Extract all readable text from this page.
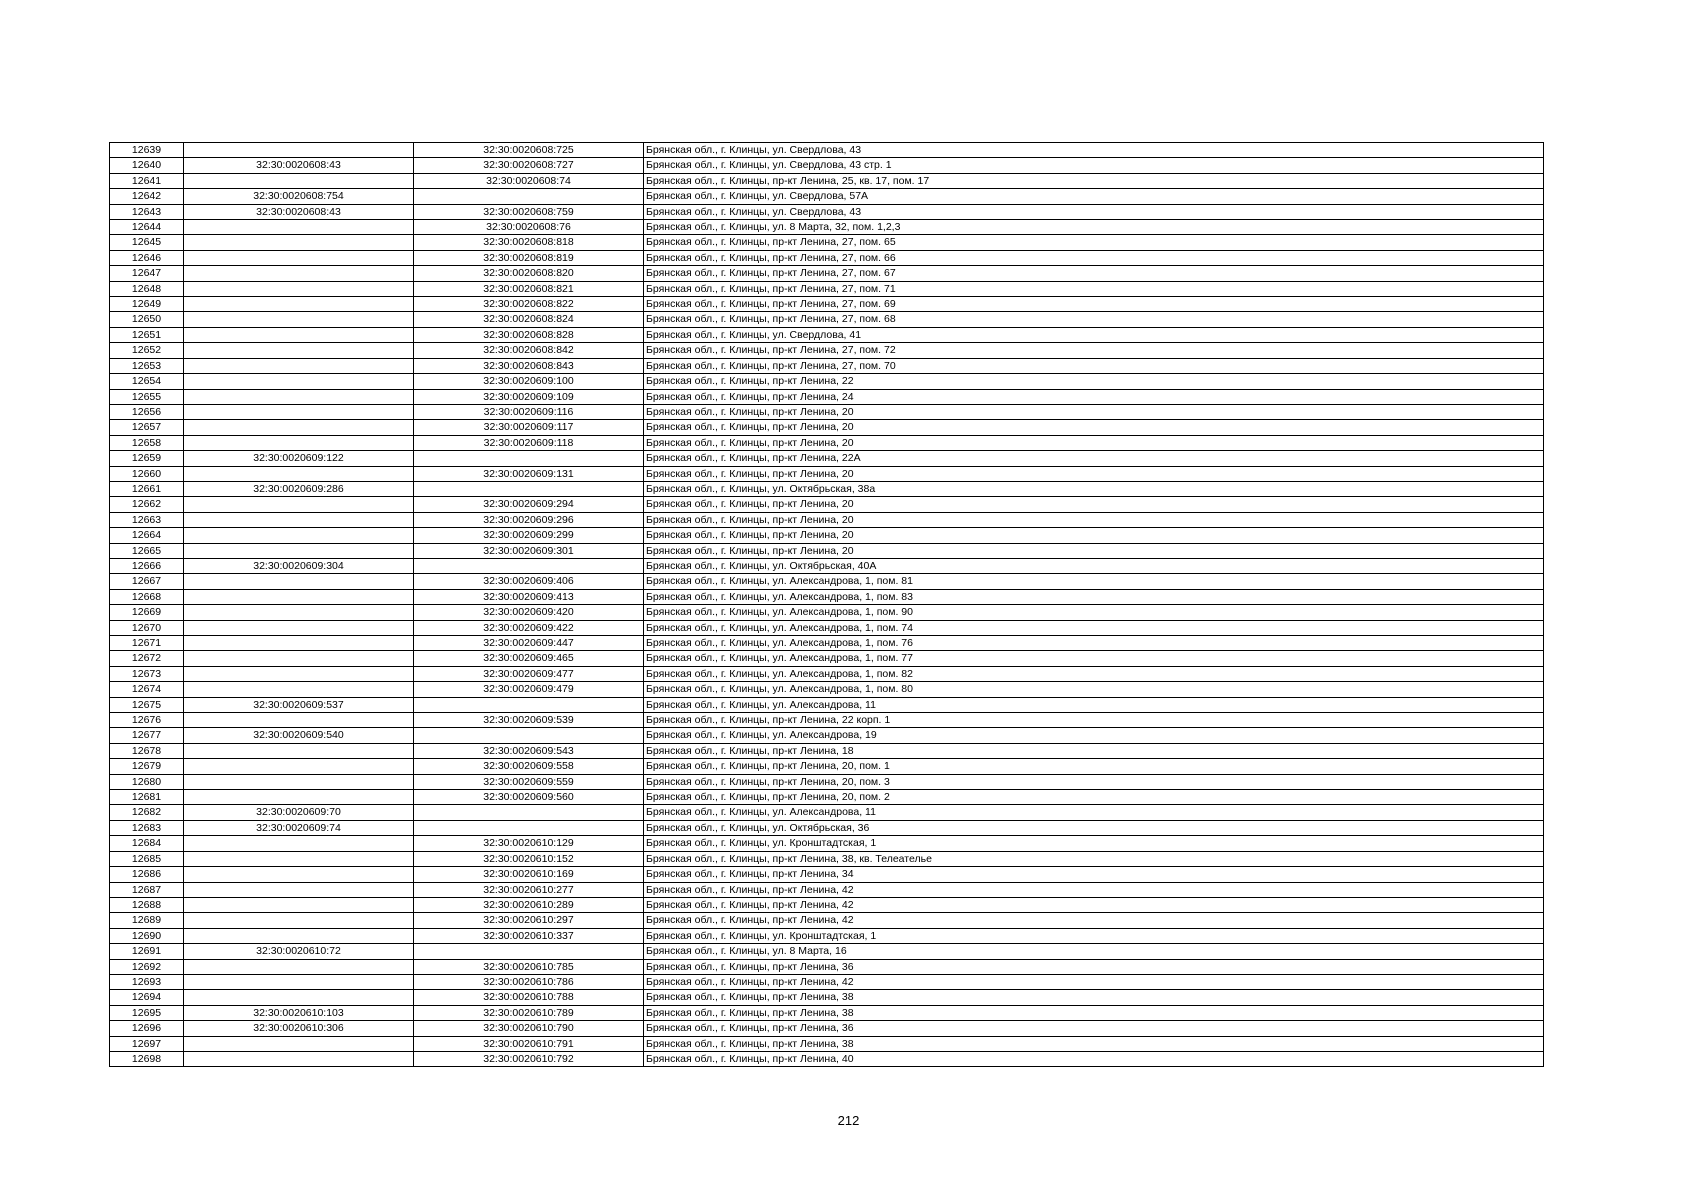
12639		32:30:0020608:725	Брянская обл., г. Клинцы, ул. Свердлова, 43
12640	32:30:0020608:43	32:30:0020608:727	Брянская обл., г. Клинцы, ул. Свердлова, 43 стр. 1
12641		32:30:0020608:74	Брянская обл., г. Клинцы, пр-кт Ленина, 25, кв. 17, пом. 17
12642	32:30:0020608:754		Брянская обл., г. Клинцы, ул. Свердлова, 57А
12643	32:30:0020608:43	32:30:0020608:759	Брянская обл., г. Клинцы, ул. Свердлова, 43
12644		32:30:0020608:76	Брянская обл., г. Клинцы, ул. 8 Марта, 32, пом. 1,2,3
12645		32:30:0020608:818	Брянская обл., г. Клинцы, пр-кт Ленина, 27, пом. 65
12646		32:30:0020608:819	Брянская обл., г. Клинцы, пр-кт Ленина, 27, пом. 66
12647		32:30:0020608:820	Брянская обл., г. Клинцы, пр-кт Ленина, 27, пом. 67
12648		32:30:0020608:821	Брянская обл., г. Клинцы, пр-кт Ленина, 27, пом. 71
12649		32:30:0020608:822	Брянская обл., г. Клинцы, пр-кт Ленина, 27, пом. 69
12650		32:30:0020608:824	Брянская обл., г. Клинцы, пр-кт Ленина, 27, пом. 68
12651		32:30:0020608:828	Брянская обл., г. Клинцы, ул. Свердлова, 41
12652		32:30:0020608:842	Брянская обл., г. Клинцы, пр-кт Ленина, 27, пом. 72
12653		32:30:0020608:843	Брянская обл., г. Клинцы, пр-кт Ленина, 27, пом. 70
12654		32:30:0020609:100	Брянская обл., г. Клинцы, пр-кт Ленина, 22
12655		32:30:0020609:109	Брянская обл., г. Клинцы, пр-кт Ленина, 24
12656		32:30:0020609:116	Брянская обл., г. Клинцы, пр-кт Ленина, 20
12657		32:30:0020609:117	Брянская обл., г. Клинцы, пр-кт Ленина, 20
12658		32:30:0020609:118	Брянская обл., г. Клинцы, пр-кт Ленина, 20
12659	32:30:0020609:122		Брянская обл., г. Клинцы, пр-кт Ленина, 22А
12660		32:30:0020609:131	Брянская обл., г. Клинцы, пр-кт Ленина, 20
12661	32:30:0020609:286		Брянская обл., г. Клинцы, ул. Октябрьская, 38а
12662		32:30:0020609:294	Брянская обл., г. Клинцы, пр-кт Ленина, 20
12663		32:30:0020609:296	Брянская обл., г. Клинцы, пр-кт Ленина, 20
12664		32:30:0020609:299	Брянская обл., г. Клинцы, пр-кт Ленина, 20
12665		32:30:0020609:301	Брянская обл., г. Клинцы, пр-кт Ленина, 20
12666	32:30:0020609:304		Брянская обл., г. Клинцы, ул. Октябрьская, 40А
12667		32:30:0020609:406	Брянская обл., г. Клинцы, ул. Александрова, 1, пом. 81
12668		32:30:0020609:413	Брянская обл., г. Клинцы, ул. Александрова, 1, пом. 83
12669		32:30:0020609:420	Брянская обл., г. Клинцы, ул. Александрова, 1, пом. 90
12670		32:30:0020609:422	Брянская обл., г. Клинцы, ул. Александрова, 1, пом. 74
12671		32:30:0020609:447	Брянская обл., г. Клинцы, ул. Александрова, 1, пом. 76
12672		32:30:0020609:465	Брянская обл., г. Клинцы, ул. Александрова, 1, пом. 77
12673		32:30:0020609:477	Брянская обл., г. Клинцы, ул. Александрова, 1, пом. 82
12674		32:30:0020609:479	Брянская обл., г. Клинцы, ул. Александрова, 1, пом. 80
12675	32:30:0020609:537		Брянская обл., г. Клинцы, ул. Александрова, 11
12676		32:30:0020609:539	Брянская обл., г. Клинцы, пр-кт Ленина, 22 корп. 1
12677	32:30:0020609:540		Брянская обл., г. Клинцы, ул. Александрова, 19
12678		32:30:0020609:543	Брянская обл., г. Клинцы, пр-кт Ленина, 18
12679		32:30:0020609:558	Брянская обл., г. Клинцы, пр-кт Ленина, 20, пом. 1
12680		32:30:0020609:559	Брянская обл., г. Клинцы, пр-кт Ленина, 20, пом. 3
12681		32:30:0020609:560	Брянская обл., г. Клинцы, пр-кт Ленина, 20, пом. 2
12682	32:30:0020609:70		Брянская обл., г. Клинцы, ул. Александрова, 11
12683	32:30:0020609:74		Брянская обл., г. Клинцы, ул. Октябрьская, 36
12684		32:30:0020610:129	Брянская обл., г. Клинцы, ул. Кронштадтская, 1
12685		32:30:0020610:152	Брянская обл., г. Клинцы, пр-кт Ленина, 38, кв. Телеателье
12686		32:30:0020610:169	Брянская обл., г. Клинцы, пр-кт Ленина, 34
12687		32:30:0020610:277	Брянская обл., г. Клинцы, пр-кт Ленина, 42
12688		32:30:0020610:289	Брянская обл., г. Клинцы, пр-кт Ленина, 42
12689		32:30:0020610:297	Брянская обл., г. Клинцы, пр-кт Ленина, 42
12690		32:30:0020610:337	Брянская обл., г. Клинцы, ул. Кронштадтская, 1
12691	32:30:0020610:72		Брянская обл., г. Клинцы, ул. 8 Марта, 16
12692		32:30:0020610:785	Брянская обл., г. Клинцы, пр-кт Ленина, 36
12693		32:30:0020610:786	Брянская обл., г. Клинцы, пр-кт Ленина, 42
12694		32:30:0020610:788	Брянская обл., г. Клинцы, пр-кт Ленина, 38
12695	32:30:0020610:103	32:30:0020610:789	Брянская обл., г. Клинцы, пр-кт Ленина, 38
12696	32:30:0020610:306	32:30:0020610:790	Брянская обл., г. Клинцы, пр-кт Ленина, 36
12697		32:30:0020610:791	Брянская обл., г. Клинцы, пр-кт Ленина, 38
12698		32:30:0020610:792	Брянская обл., г. Клинцы, пр-кт Ленина, 40
212
